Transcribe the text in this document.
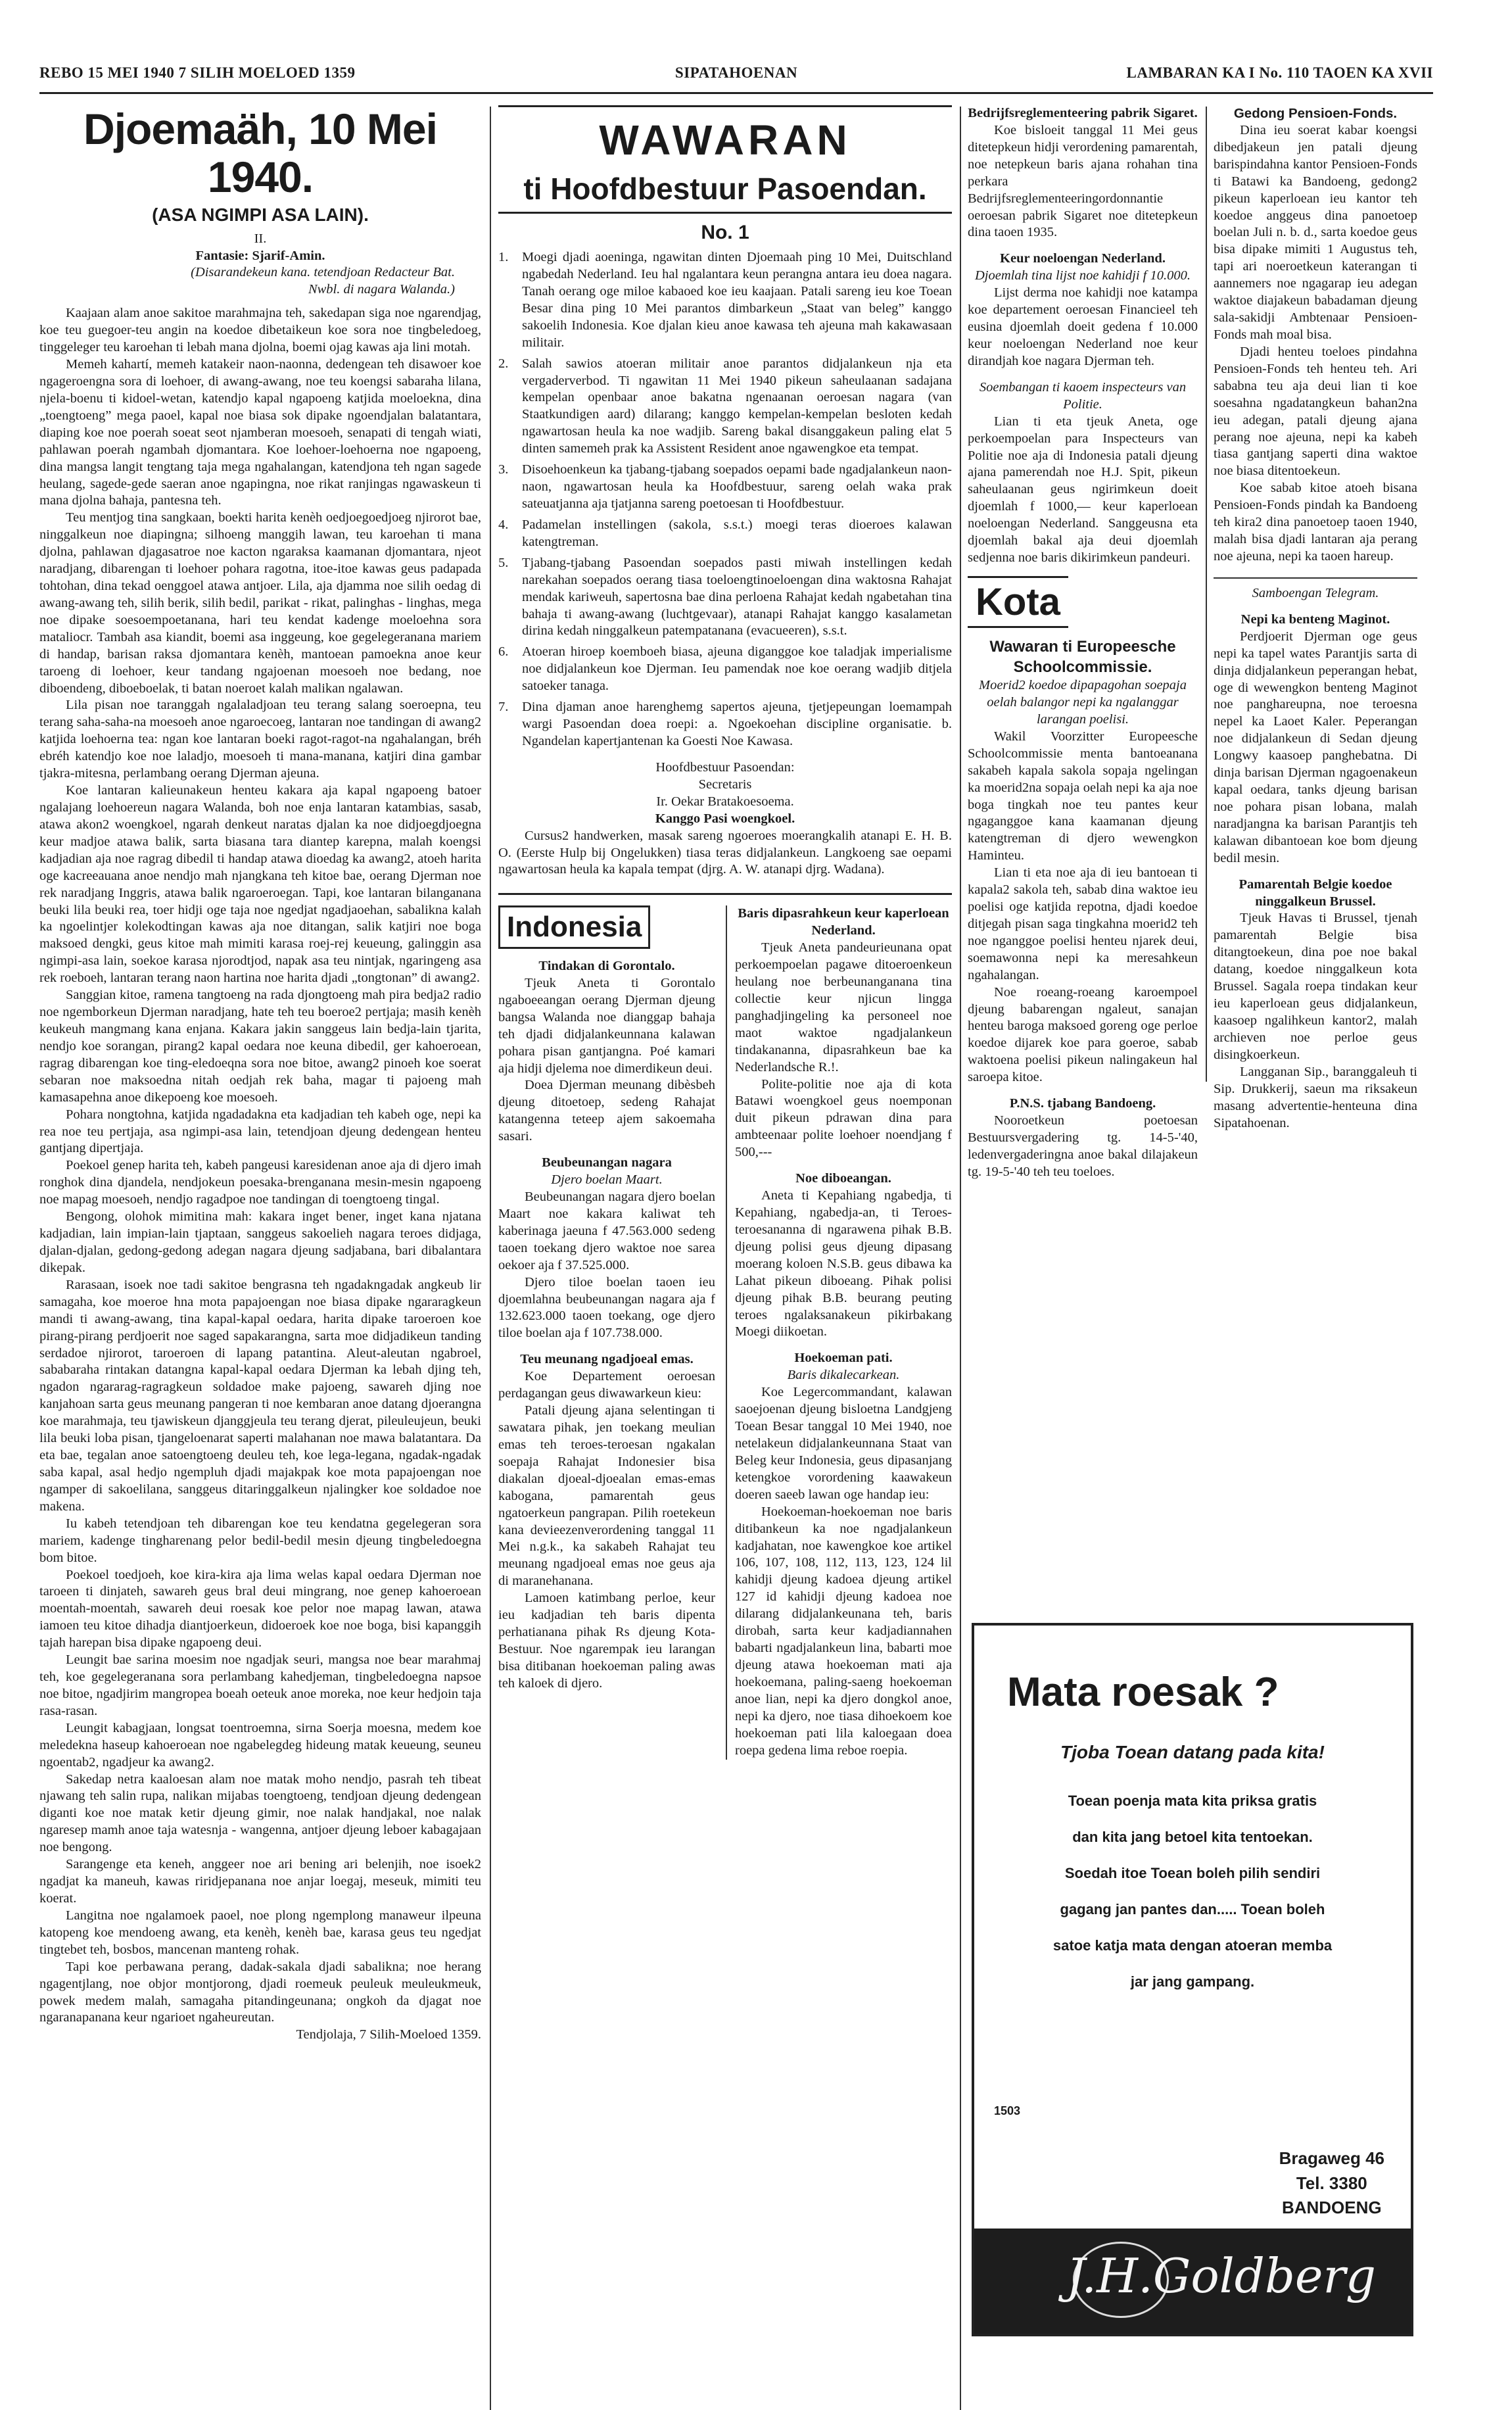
REBO 15 MEI 1940 7 SILIH MOELOED 1359	SIPATAHOENAN	LAMBARAN KA I No. 110 TAOEN KA XVII
Djoemaäh, 10 Mei 1940.
(ASA NGIMPI ASA LAIN).
II.
Fantasie: Sjarif-Amin.
(Disarandekeun kana. tetendjoan Redacteur Bat. Nwbl. di nagara Walanda.)

Kaajaan alam anoe sakitoe marahmajna teh, sakedapan siga noe ngarendjag, koe teu guegoer-teu angin na koedoe dibetaikeun koe sora noe tingbeledoeg, tinggeleger teu karoehan ti lebah mana djolna, boemi ojag kawas aja lini motah.

Memeh kahartí, memeh katakeir naon-naonna, dedengean teh disawoer koe ngageroengna sora di loehoer, di awang-awang, noe teu koengsi sabaraha lilana, njela-boenu ti kidoel-wetan, katendjo kapal ngapoeng katjida moeloekna, dina „toengtoeng” mega paoel, kapal noe biasa sok dipake ngoendjalan balatantara, diaping koe noe poerah soeat seot njamberan moesoeh, senapati di tengah wiati, pahlawan poerah ngambah djomantara. Koe loehoer-loehoerna noe ngapoeng, dina mangsa langit tengtang taja mega ngahalangan, katendjona teh ngan sagede heulang, sagede-gede saeran anoe ngapingna, noe rikat ranjingas ngawaskeun ti mana djolna bahaja, pantesna teh.

Teu mentjog tina sangkaan, boekti harita kenèh oedjoegoedjoeg njirorot bae, ninggalkeun noe diapingna; silhoeng manggih lawan, teu karoehan ti mana djolna, pahlawan djagasatroe noe kacton ngaraksa kaamanan djomantara, njeot naradjang, dibarengan ti loehoer poharа ragotna, itoe-itoe kawas geus padapada tohtohan, dina tekad oenggoel atawa antjoer. Lila, aja djamma noe silih oedag di awang-awang teh, silih berik, silih bedil, parikat - rikat, palinghas - linghas, mega noe dipake soesoempoetanana, hari teu kendat kadenge moeloehna sora mataliocr. Tambah asa kiandit, boemi asa inggeung, koe gegelegeranana mariem di handap, barisan raksa djomantara kenèh, mantoean pamoekna anoe keur taroeng di loehoer, keur tandang ngajoenan moesoeh noe bedang, noe diboendeng, diboeboelak, ti batan noeroet kalah malikan ngalawan.

Lila pisan noe taranggah ngalaladjoan teu terang salang soeroepna, teu terang saha-saha-na moesoeh anoe ngaroecoeg, lantaran noe tandingan di awang2 katjida loehoerna tea: ngan koe lantaran boeki ragot-ragot-na ngahalangan, bréh ebréh katendjo koe noe laladjo, moesoeh ti mana-manana, katjiri dina gambar tjakra-mitesna, perlambang oerang Djerman ajeuna.

Koe lantaran kalieunakeun henteu kakara aja kapal ngapoeng batoer ngalajang loehoereun nagara Walanda, boh noe enja lantaran katambias, sasab, atawa akon2 woengkoel, ngarah denkeut naratas djalan ka noe didjoegdjoegna keur madjoe atawa balik, sarta biasana tara diantep karepna, malah koengsi kadjadian aja noe ragrag dibedil ti handap atawa dioedag ka awang2, atoeh harita oge kacreeauana anoe nendjo mah njangkana teh kitoe bae, oerang Djerman noe rek naradjang Inggris, atawa balik ngaroeroegan. Tapi, koe lantaran bilanganana beuki lila beuki rea, toer hidji oge taja noe ngedjat ngadjaoehan, sabalikna kalah ka ngoelintjer kolekodtingan kawas aja noe ditangan, salik katjiri noe boga maksoed dengki, geus kitoe mah mimiti karasa roej-rej keueung, galinggin asa ngimpi-asa lain, soekoe karasa njorodtjod, napak asa teu nintjak, ngaringeng asa rek roeboeh, lantaran terang naon hartina noe harita djadi „tongtonan” di awang2.

Sanggian kitoe, ramena tangtoeng na rada djongtoeng mah pira bedja2 radio noe ngemborkeun Djerman naradjang, hate teh teu boeroe2 pertjaja; masih kenèh keukeuh mangmang kana enjana. Kakara jakin sanggeus lain bedja-lain tjarita, nendjo koe sorangan, pirang2 kapal oedara noe keuna dibedil, ger kahoeroean, ragrag dibarengan koe ting-eledoeqna sora noe bitoe, awang2 pinoeh koe soerat sebaran noe maksoedna nitah oedjah rek baha, magar ti pajoeng mah kamasapehna anoe dikepoeng koe moesoeh.

Pohara nongtohna, katjida ngadadakna eta kadjadian teh kabeh oge, nepi ka rea noe teu pertjaja, asa ngimpi-asa lain, tetendjoan djeung dedengean henteu gantjang dipertjaja.

Poekoel genep harita teh, kabeh pangeusi karesidenan anoe aja di djero imah ronghok dina djandela, nendjokeun poesaka-brenganana mesin-mesin ngapoeng noe mapag moesoeh, nendjo ragadpoe noe tandingan di toengtoeng tingal.

Bengong, olohok mimitina mah: kakara inget bener, inget kana njatana kadjadian, lain impian-lain tjaptaan, sanggeus sakoelieh nagara teroes didjaga, djalan-djalan, gedong-gedong adegan nagara djeung sadjabana, bari dibalantara dikepak.

Rarasaan, isoek noe tadi sakitoe bengrasna teh ngadakngadak angkeub lir samagaha, koe moeroe hna mota papajoengan noe biasa dipake ngararagkeun mandi ti awang-awang, tina kapal-kapal oedara, harita dipake taroeroen koe pirang-pirang perdjoerit noe saged sapakarangna, sarta moe didjadikeun tanding serdadoe njirorot, taroeroen di lapang patantina. Aleut-aleutan ngabroel, sababaraha rintakan datangna kapal-kapal oedara Djerman ka lebah djing teh, ngadon ngararag-ragragkeun soldadoe make pajoeng, sawareh djing noe kanjahoan sarta geus meunang pangeran ti noe kembaran anoe datang djoerangna koe marahmaja, teu tjawiskeun djanggjeula teu terang djerat, pileuleujeun, beuki lila beuki loba pisan, tjangeloenarat saperti malahanan noe mawa balatantara. Da eta bae, tegalan anoe satoengtoeng deuleu teh, koe lega-legana, ngadak-ngadak saba kapal, asal hedjo ngempluh djadi majakpak koe mota papajoengan noe ngamper di sakoelilana, sanggeus ditaringgalkeun njalingker koe soldadoe noe makena.

Iu kabeh tetendjoan teh dibarengan koe teu kendatna gegelegeran sora mariem, kadenge tingharenang pelor bedil-bedil mesin djeung tingbeledoegna bom bitoe.

Poekoel toedjoeh, koe kira-kira aja lima welas kapal oedara Djerman noe taroeen ti dinjateh, sawareh geus bral deui mingrang, noe genep kahoeroean moentah-moentah, sawareh deui roesak koe pelor noe mapag lawan, atawa iamoen teu kitoe dihadja diantjoerkeun, didoeroek koe noe boga, bisi kapanggih tajah harepan bisa dipake ngapoeng deui.

Leungit bae sarina moesim noe ngadjak seuri, mangsa noe bear marahmaj teh, koe gegelegeranana sora perlambang kahedjeman, tingbeledoegna napsoe noe bitoe, ngadjirim mangropea boeah oeteuk anoe morekа, noe keur hedjoin taja rasa-rasan.

Leungit kabagjaan, longsat toentroemna, sirna Soerja moesna, medem koe meledekna haseup kahoeroean noe ngabelegdeg hideung matak keueung, seuneu ngoentab2, ngadjeur ka awang2.

Sakedap netra kaaloesan alam noe matak moho nendjo, pasrah teh tibeat njawang teh salin rupa, nalikan mijabas toengtoeng, tendjoan djeung dedengean diganti koe noe matak ketir djeung gimir, noe nalak handjakal, noe nalak ngaresep mamh anoe taja watesnja - wangenna, antjoer djeung leboer kabagajaan noe bengong.

Sarangenge eta keneh, anggeer noe ari bening ari belenjih, noe isoek2 ngadjat ka maneuh, kawas riridjepanana noe anjar loegaj, meseuk, mimiti teu koerat.

Langitna noe ngalamoek paoel, noe plong ngemplong manaweur ilpeuna katopeng koe mendoeng awang, eta kenèh, kenèh bae, karasa geus teu ngedjat tingtebet teh, bosbos, mancenan manteng rohak.

Tapi koe perbawana perang, dadak-sakala djadi sabalikna; noe herang ngagentjlang, noe objor montjorong, djadi roemeuk peuleuk meuleukmeuk, powek medem malah, samagaha pitandingeunana; ongkoh da djagat noe ngaranapanana keur ngarioet ngaheureutan.

Tendjolaja, 7 Silih-Moeloed 1359.

WAWARAN
ti Hoofdbestuur Pasoendan.
No. 1
1.	Moegi djadi aoeninga, ngawitan dinten Djoemaah ping 10 Mei, Duitschland ngabedah Nederland. Ieu hal ngalantara keun perangna antara ieu doea nagara. Tanah oerang oge miloe kabaoed koe ieu kaajaan. Patali sareng ieu koe Toean Besar dina ping 10 Mei parantos dimbarkeun „Staat van beleg” kanggo sakoelih Indonesia. Koe djalan kieu anoe kawasa teh ajeuna mah kakawasaan militair.
2.	Salah sawios atoeran militair anoe parantos didjalankeun nja eta vergaderverbod. Ti ngawitan 11 Mei 1940 pikeun saheulaanan sadajana kempelan openbaar anoe bakatna ngenaanan oeroesan nagara (van Staatkundigen aard) dilarang; kanggo kempelan-kempelan besloten kedah ngawartosan heula ka noe wadjib. Sareng bakal disanggakeun paling elat 5 dinten samemeh prak ka Assistent Resident anoe ngawengkoe eta tempat.
3.	Disoehoenkeun ka tjabang-tjabang soepados oepami bade ngadjalankeun naon-naon, ngawartosan heula ka Hoofdbestuur, sareng oelah waka prak sateuatjanna aja tjatjanna sareng poetoesan ti Hoofdbestuur.
4.	Padamelan instellingen (sakola, s.s.t.) moegi teras dioeroes kalawan katengtreman.
5.	Tjabang-tjabang Pasoendan soepados pasti miwah instellingen kedah narekahan soepados oerang tiasa toeloengtinoeloengan dina waktosna Rahajat mendak kariweuh, sapertosna bae dina perloena Rahajat kedah ngabetahan tina bahaja ti awang-awang (luchtgevaar), atanapi Rahajat kanggo kasalametan dirina kedah ninggalkeun patempatanana (evacueeren), s.s.t.
6.	Atoeran hiroep koemboeh biasa, ajeuna diganggoe koe taladjak imperialisme noe didjalankeun koe Djerman. Ieu pamendak noe koe oerang wadjib ditjela satoeker tanaga.
7.	Dina djaman anoe harenghemg sapertos ajeuna, tjetjepeungan loemampah wargi Pasoendan doea roepi: a. Ngoekoehan discipline organisatie. b. Ngandelan kapertjantenan ka Goesti Noe Kawasa.
Hoofdbestuur Pasoendan:
Secretaris
Ir. Oekar Bratakoesoema.
Kanggo Pasi woengkoel.

Cursus2 handwerken, masak sareng ngoeroes moerangkalih atanapi E. H. B. O. (Eerste Hulp bij Ongelukken) tiasa teras didjalankeun. Langkoeng sae oepami ngawartosan heula ka kapala tempat (djrg. A. W. atanapi djrg. Wadana).

Indonesia
Tindakan di Gorontalo.

Tjeuk Aneta ti Gorontalo ngaboeeangan oerang Djerman djeung bangsa Walanda noe dianggap bahaja teh djadi didjalankeunnana kalawan pohara pisan gantjangna. Poé kamari aja hidji djelema noe dimerdikeun deui.

Doea Djerman meunang dibèsbeh djeung ditoetoep, sedeng Rahajat katangenna teteep ajem sakoemaha sasari.

Beubeunangan nagara
Djero boelan Maart.

Beubeunangan nagara djero boelan Maart noe kakara kaliwat teh kaberinaga jaeuna f 47.563.000 sedeng taoen toekang djero waktoe noe sarea oekoer aja f 37.525.000.

Djero tiloe boelan taoen ieu djoemlahna beubeunangan nagara aja f 132.623.000 taoen toekang, oge djero tiloe boelan aja f 107.738.000.

Teu meunang ngadjoeal emas.

Koe Departement oeroesan perdagangan geus diwawarkeun kieu:

Patali djeung ajana selentingan ti sawatara pihak, jen toekang meulian emas teh teroes-teroesan ngakalan soepaja Rahajat Indonesier bisa diakalan djoeal-djoealan emas-emas kabogana, pamarentah geus ngatoerkeun pangrapan. Pilih roetekeun kana devieezenverordening tanggal 11 Mei n.g.k., ka sakabeh Rahajat teu meunang ngadjoeal emas noe geus aja di maranehanana.

Lamoen katimbang perloe, keur ieu kadjadian teh baris dipenta perhatianana pihak Rs djeung Kota-Bestuur. Noe ngarempak ieu larangan bisa ditibanan hoekoeman paling awas teh kaloek di djero.

Baris dipasrahkeun keur kaperloean Nederland.

Tjeuk Aneta pandeurieunana opat perkoempoelan pagawe ditoeroenkeun heulang noe berbeunanganana tina collectie keur njicun lingga panghadjingeling ka personeel noe maot waktoe ngadjalankeun tindakananna, dipasrahkeun bae ka Nederlandsche R.!.

Polite-politie noe aja di kota Batawi woengkoel geus noemponan duit pikeun pdrawan dina para ambteenaar polite loehoer noendjang f 500,---

Noe diboeangan.

Aneta ti Kepahiang ngabedja, ti Kepahiang, ngabedja-an, ti Teroes-teroesananna di ngarawena pihak B.B. djeung polisi geus djeung dipasang moerang koloen N.S.B. geus dibawa ka Lahat pikeun diboeang. Pihak polisi djeung pihak B.B. beurang peuting teroes ngalaksanakeun pikirbakang Moegi diikoetan.

Hoekoeman pati.
Baris dikalecarkean.

Koe Legercommandant, kalawan saoejoenan djeung bisloetna Landgjeng Toean Besar tanggal 10 Mei 1940, noe netelakeun didjalankeunnana Staat van Beleg keur Indonesia, geus dipasanjang ketengkoe vorordening kaawakeun doeren saeeb lawan oge handap ieu:

Hoekoeman-hoekoeman noe baris ditibankeun ka noe ngadjalankeun kadjahatan, noe kawengkoe koe artikel 106, 107, 108, 112, 113, 123, 124 lil kahidji djeung kadoea djeung artikel 127 id kahidji djeung kadoea noe dilarang didjalankeunana teh, baris dirobah, sarta keur kadjadiannahen babarti ngadjalankeun lina, babarti moe djeung atawa hoekoeman mati aja hoekoemana, paling-saeng hoekoeman anoe lian, nepi ka djero dongkol anoe, nepi ka djero, noe tiasa dihoekoem koe hoekoeman pati lila kaloegaan doea roepa gedena lima reboe roepia.

Bedrijfsreglementeering pabrik Sigaret.

Koe bisloeit tanggal 11 Mei geus ditetepkeun hidji verordening pamarentah, noe netepkeun baris ajana rohahan tina perkara Bedrijfsreglementeeringordonnantie oeroesan pabrik Sigaret noe ditetepkeun dina taoen 1935.

Keur noeloengan Nederland.
Djoemlah tina lijst noe kahidji f 10.000.

Lijst derma noe kahidji noe katampa koe departement oeroesan Financieel teh eusina djoemlah doeit gedena f 10.000 keur noeloengan Nederland noe keur dirandjah koe nagara Djerman teh.

Soembangan ti kaoem inspecteurs van Politie.

Lian ti eta tjeuk Aneta, oge perkoempoelan para Inspecteurs van Politie noe aja di Indonesia patali djeung ajana pamerendah noe H.J. Spit, pikeun saheulaanan geus ngirimkeun doeit djoemlah f 1000,— keur kaperloean noeloengan Nederland. Sanggeusna eta djoemlah bakal aja deui djoemlah sedjenna noe baris dikirimkeun pandeuri.

Kota
Wawaran ti Europeesche Schoolcommissie.
Moerid2 koedoe dipapagohan soepaja oelah balangor nepi ka ngalanggar larangan poelisi.

Wakil Voorzitter Europeesche Schoolcommissie menta bantoeanana sakabeh kapala sakola sopaja ngelingan ka moerid2na sopaja oelah nepi ka aja noe boga tingkah noe teu pantes keur ngaganggoe kana kaamanan djeung katengtreman di djero wewengkon Haminteu.

Lian ti eta noe aja di ieu bantoean ti kapala2 sakola teh, sabab dina waktoe ieu poelisi oge katjida repotna, djadi koedoe ditjegah pisan saga tingkahna moerid2 teh noe nganggoe poelisi henteu njarek deui, soemawonna nepi ka meresahkeun ngahalangan.

Noe roeang-roeang karoempoel djeung babarengan ngaleut, sanajan henteu baroga maksoed goreng oge perloe koedoe dijarek koe para goeroe, sabab waktoena poelisi pikeun nalingakeun hal saroepa kitoe.

P.N.S. tjabang Bandoeng.

Nooroetkeun poetoesan Bestuursvergadering tg. 14-5-'40, ledenvergaderingna anoe bakal dilajakeun tg. 19-5-'40 teh teu toeloes.

Gedong Pensioen-Fonds.

Dina ieu soerat kabar koengsi dibedjakeun jen patali djeung barispindahna kantor Pensioen-Fonds ti Batawi ka Bandoeng, gedong2 pikeun kaperloean ieu kantor teh koedoe anggeus dina panoetoep boelan Juli n. b. d., sarta koedoe geus bisa dipake mimiti 1 Augustus teh, tapi ari noeroetkeun katerangan ti aannemers noe ngagarap ieu adegan waktoe diajakeun babadaman djeung sala-sakidji Ambtenaar Pensioen-Fonds mah moal bisa.

Djadi henteu toeloes pindahna Pensioen-Fonds teh henteu teh. Ari sababna teu aja deui lian ti koe soesahna ngadatangkeun bahan2na ieu adegan, patali djeung ajana perang noe ajeuna, nepi ka kabeh tiasa gantjang saperti dina waktoe noe biasa ditentoekeun.

Koe sabab kitoe atoeh bisana Pensioen-Fonds pindah ka Bandoeng teh kira2 dina panoetoep taoen 1940, malah bisa djadi lantaran aja perang noe ajeuna, nepi ka taoen hareup.

Samboengan Telegram.
Nepi ka benteng Maginot.

Perdjoerit Djerman oge geus nepi ka tapel wates Parantjis sarta di dinja didjalankeun peperangan hebat, oge di wewengkon benteng Maginot noe panghareupna, noe teroesna nepel ka Laoet Kaler. Peperangan noe didjalankeun di Sedan djeung Longwy kaasoep panghebatna. Di dinja barisan Djerman ngagoenakeun kapal oedara, tanks djeung barisan noe pohara pisan lobana, malah naradjangna ka barisan Parantjis teh kalawan dibantoean koe bom djeung bedil mesin.

Pamarentah Belgie koedoe
ninggalkeun Brussel.

Tjeuk Havas ti Brussel, tjenah pamarentah Belgie bisa ditangtoekeun, dina poe noe bakal datang, koedoe ninggalkeun kota Brussel. Sagala roepa tindakan keur ieu kaperloean geus didjalankeun, kaasoep ngalihkeun kantor2, malah archieven noe perloe geus disingkoerkeun.

Langganan Sip., baranggaleuh ti Sip. Drukkerij, saeun ma riksakeun masang advertentie-henteuna dina Sipatahoenan.

Mata roesak ?
Tjoba Toean datang pada kita!
Toean poenja mata kita priksa gratis
dan kita jang betoel kita tentoekan.
Soedah itoe Toean boleh pilih sendiri
gagang jan pantes dan..... Toean boleh
satoe katja mata dengan atoeran memba
jar jang gampang.
1503
Bragaweg 46
Tel. 3380
BANDOENG
J.H.Goldberg
